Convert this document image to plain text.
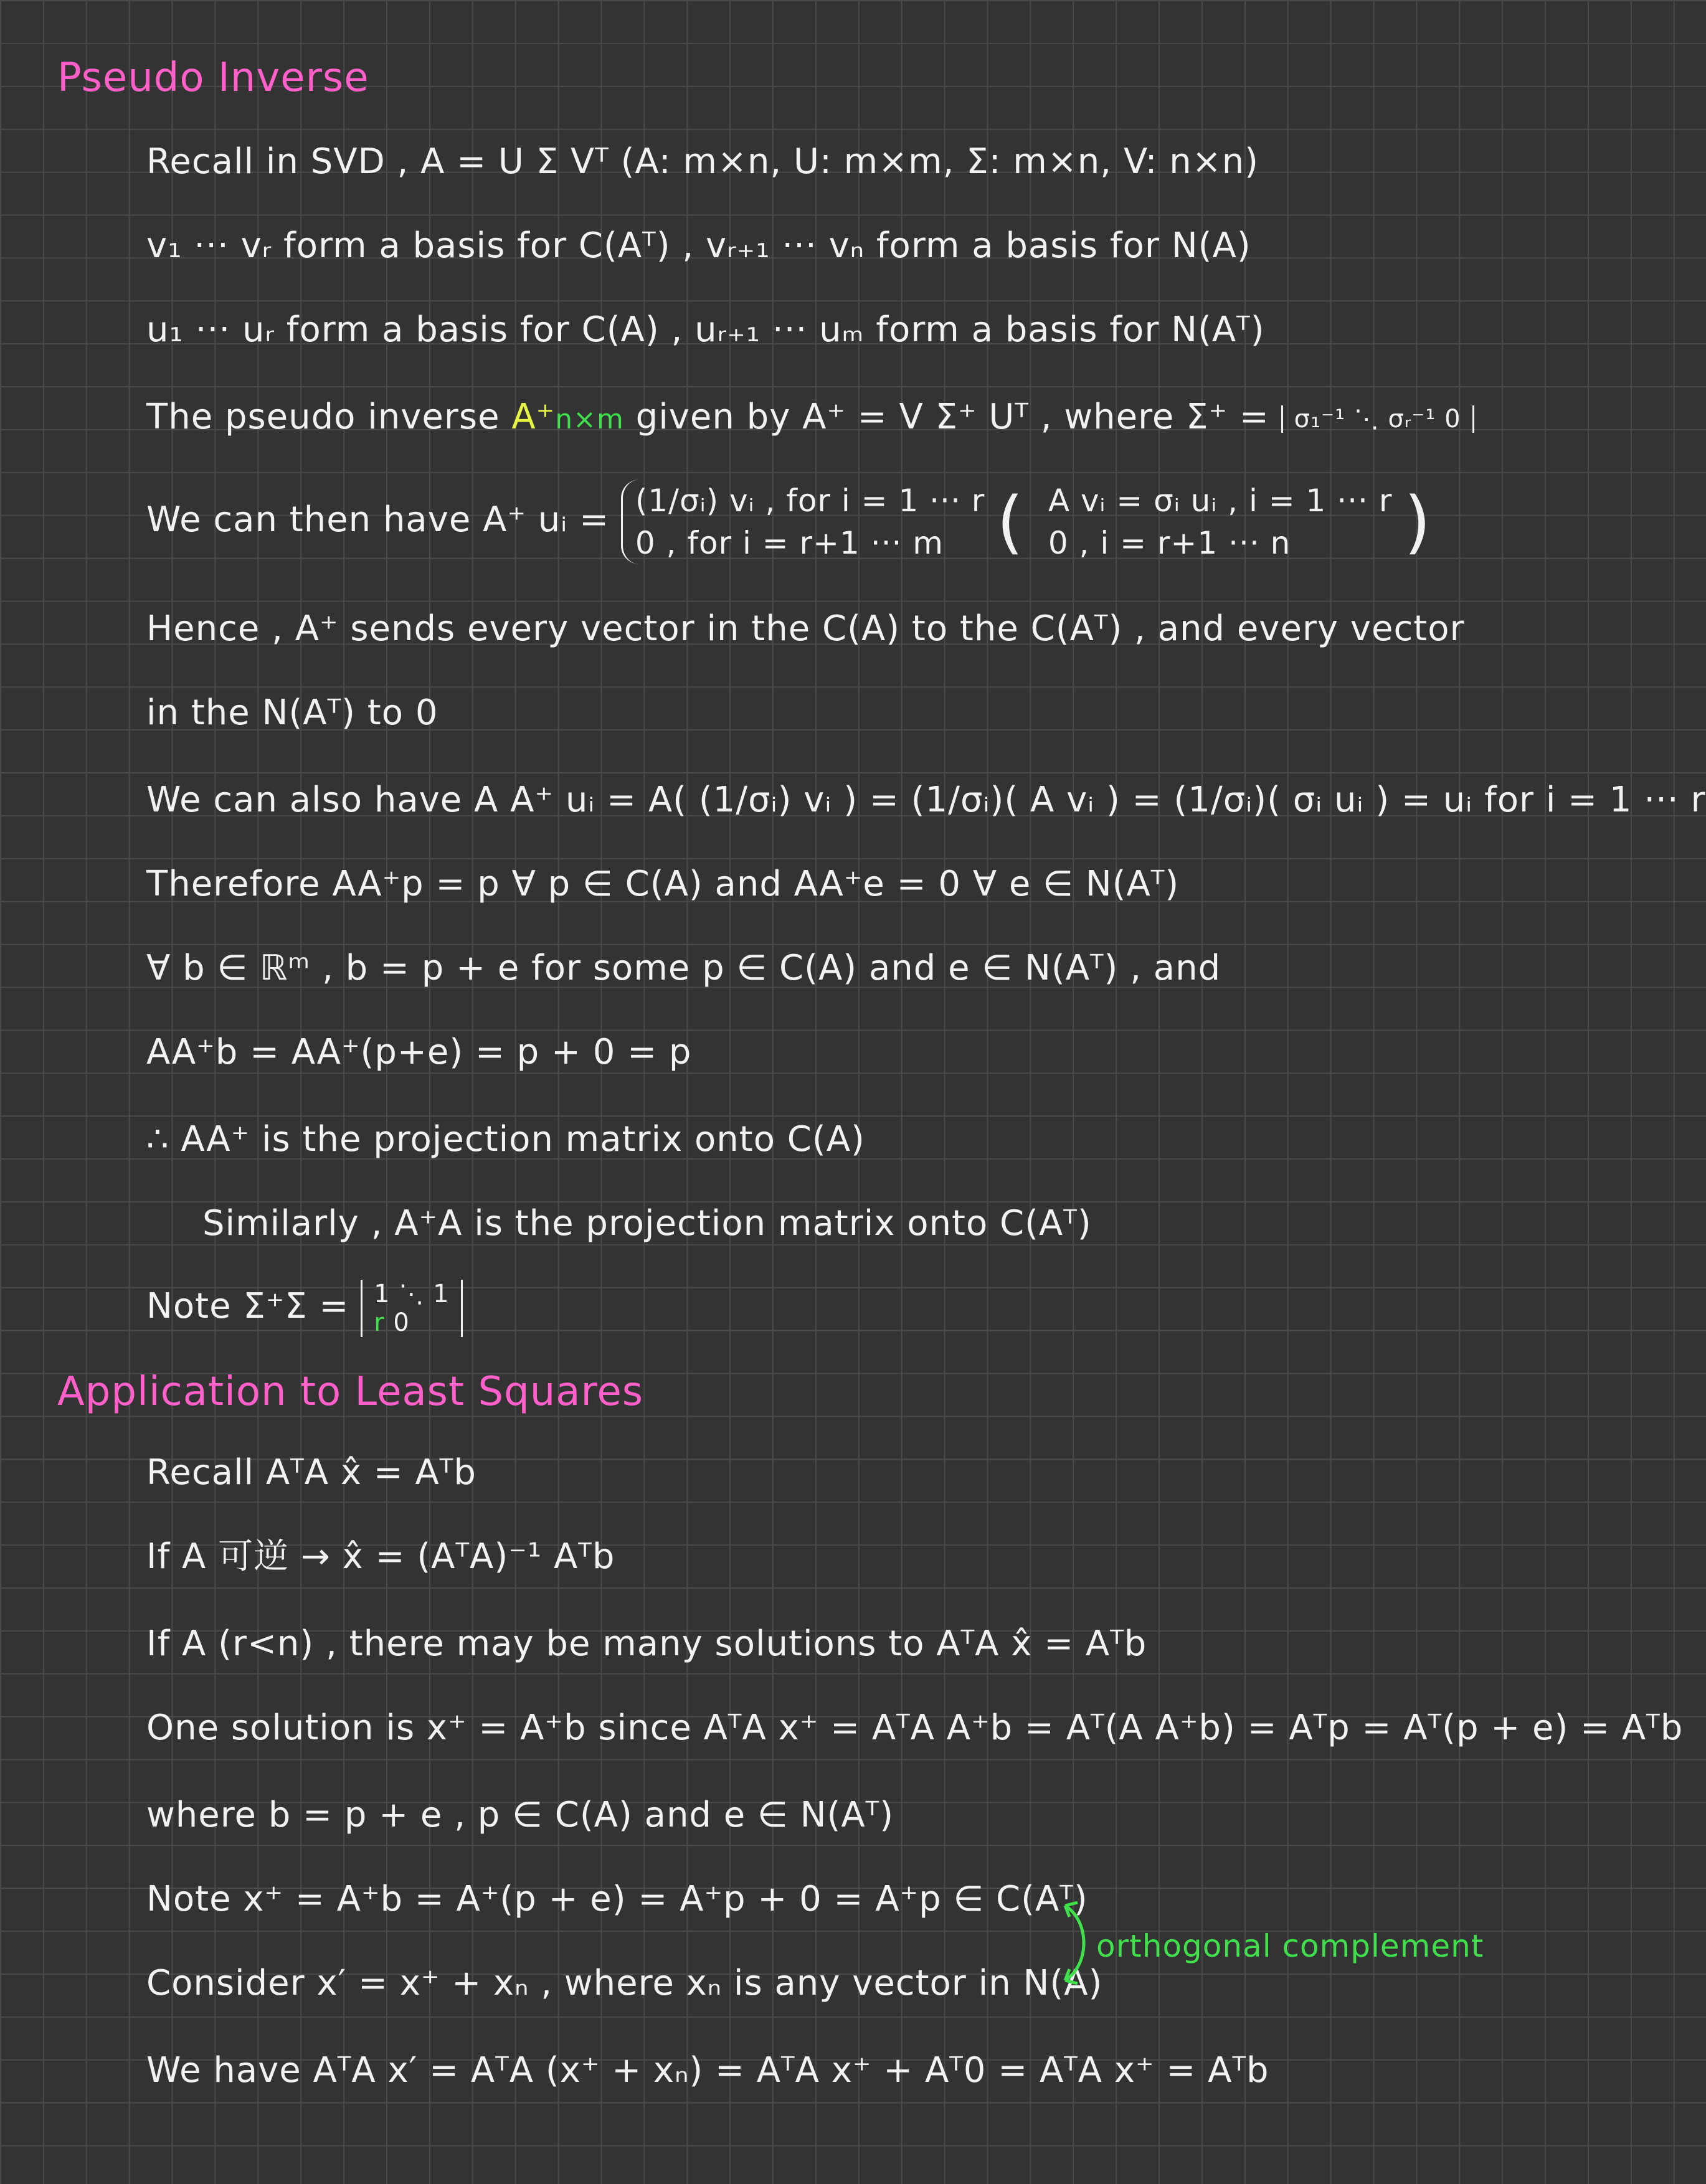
Pseudo Inverse
Recall in SVD , A = U Σ Vᵀ (A: m×n, U: m×m, Σ: m×n, V: n×n)
v₁ ··· vᵣ form a basis for C(Aᵀ) , vᵣ₊₁ ··· vₙ form a basis for N(A)
u₁ ··· uᵣ form a basis for C(A) , uᵣ₊₁ ··· uₘ form a basis for N(Aᵀ)
The pseudo inverse A⁺n×m given by A⁺ = V Σ⁺ Uᵀ , where Σ⁺ = σ₁⁻¹ ⋱ σᵣ⁻¹ 0
We can then have A⁺ uᵢ = (1/σᵢ) vᵢ , for i = 1 ··· r
0 , for i = r+1 ··· m ( A vᵢ = σᵢ uᵢ , i = 1 ··· r
0 , i = r+1 ··· n )
Hence , A⁺ sends every vector in the C(A) to the C(Aᵀ) , and every vector
in the N(Aᵀ) to 0
We can also have A A⁺ uᵢ = A( (1/σᵢ) vᵢ ) = (1/σᵢ)( A vᵢ ) = (1/σᵢ)( σᵢ uᵢ ) = uᵢ for i = 1 ··· r
Therefore AA⁺p = p ∀ p ∈ C(A) and AA⁺e = 0 ∀ e ∈ N(Aᵀ)
∀ b ∈ ℝᵐ , b = p + e for some p ∈ C(A) and e ∈ N(Aᵀ) , and
AA⁺b = AA⁺(p+e) = p + 0 = p
∴ AA⁺ is the projection matrix onto C(A)
Similarly , A⁺A is the projection matrix onto C(Aᵀ)
Note Σ⁺Σ = 1 ⋱ 1
r 0
Application to Least Squares
Recall AᵀA x̂ = Aᵀb
If A 可逆 → x̂ = (AᵀA)⁻¹ Aᵀb
If A (r<n) , there may be many solutions to AᵀA x̂ = Aᵀb
One solution is x⁺ = A⁺b since AᵀA x⁺ = AᵀA A⁺b = Aᵀ(A A⁺b) = Aᵀp = Aᵀ(p + e) = Aᵀb
where b = p + e , p ∈ C(A) and e ∈ N(Aᵀ)
Note x⁺ = A⁺b = A⁺(p + e) = A⁺p + 0 = A⁺p ∈ C(Aᵀ)
Consider x′ = x⁺ + xₙ , where xₙ is any vector in N(A)
We have AᵀA x′ = AᵀA (x⁺ + xₙ) = AᵀA x⁺ + Aᵀ0 = AᵀA x⁺ = Aᵀb
orthogonal complement
